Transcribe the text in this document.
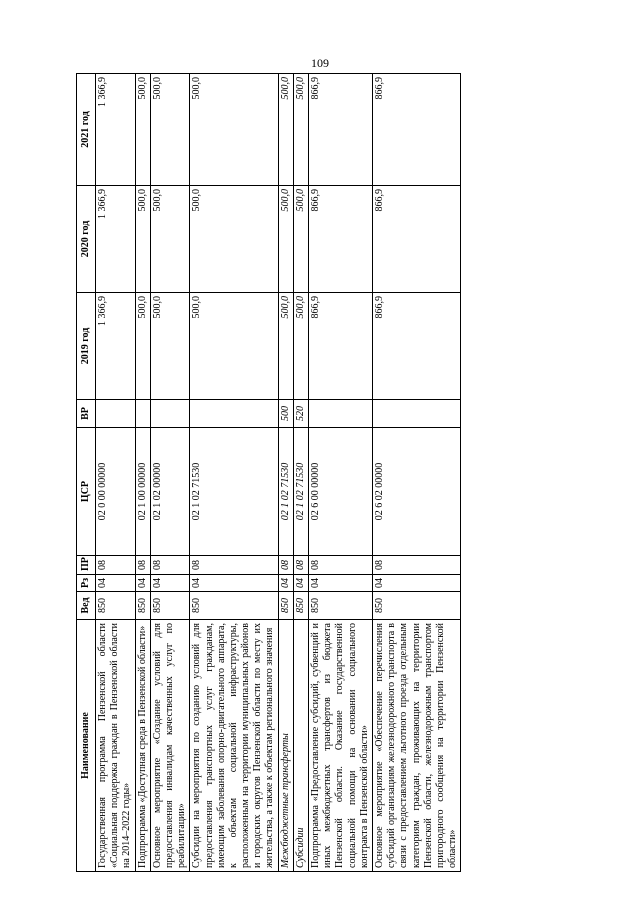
109
Наименование	Вед	Рз	ПР	ЦСР	ВР	2019 год	2020 год	2021 год
Государственная программа Пензенской области «Социальная поддержка граждан в Пензенской области на 2014–2022 годы»	850	04	08	02 0 00 00000		1 366,9	1 366,9	1 366,9
Подпрограмма «Доступная среда в Пензенской области»	850	04	08	02 1 00 00000		500,0	500,0	500,0
Основное мероприятие «Создание условий для предоставления инвалидам качественных услуг по реабилитации»	850	04	08	02 1 02 00000		500,0	500,0	500,0
Субсидии на мероприятия по созданию условий для предоставления транспортных услуг гражданам, имеющим заболевания опорно-двигательного аппарата, к объектам социальной инфраструктуры, расположенным на территории муниципальных районов и городских округов Пензенской области по месту их жительства, а также к объектам регионального значения	850	04	08	02 1 02 71530		500,0	500,0	500,0
Межбюджетные трансферты	850	04	08	02 1 02 71530	500	500,0	500,0	500,0
Субсидии	850	04	08	02 1 02 71530	520	500,0	500,0	500,0
Подпрограмма «Предоставление субсидий, субвенций и иных межбюджетных трансфертов из бюджета Пензенской области. Оказание государственной социальной помощи на основании социального контракта в Пензенской области»	850	04	08	02 6 00 00000		866,9	866,9	866,9
Основное мероприятие «Обеспечение перечисления субсидий организациям железнодорожного транспорта в связи с предоставлением льготного проезда отдельным категориям граждан, проживающих на территории Пензенской области, железнодорожным транспортом пригородного сообщения на территории Пензенской области»	850	04	08	02 6 02 00000		866,9	866,9	866,9
